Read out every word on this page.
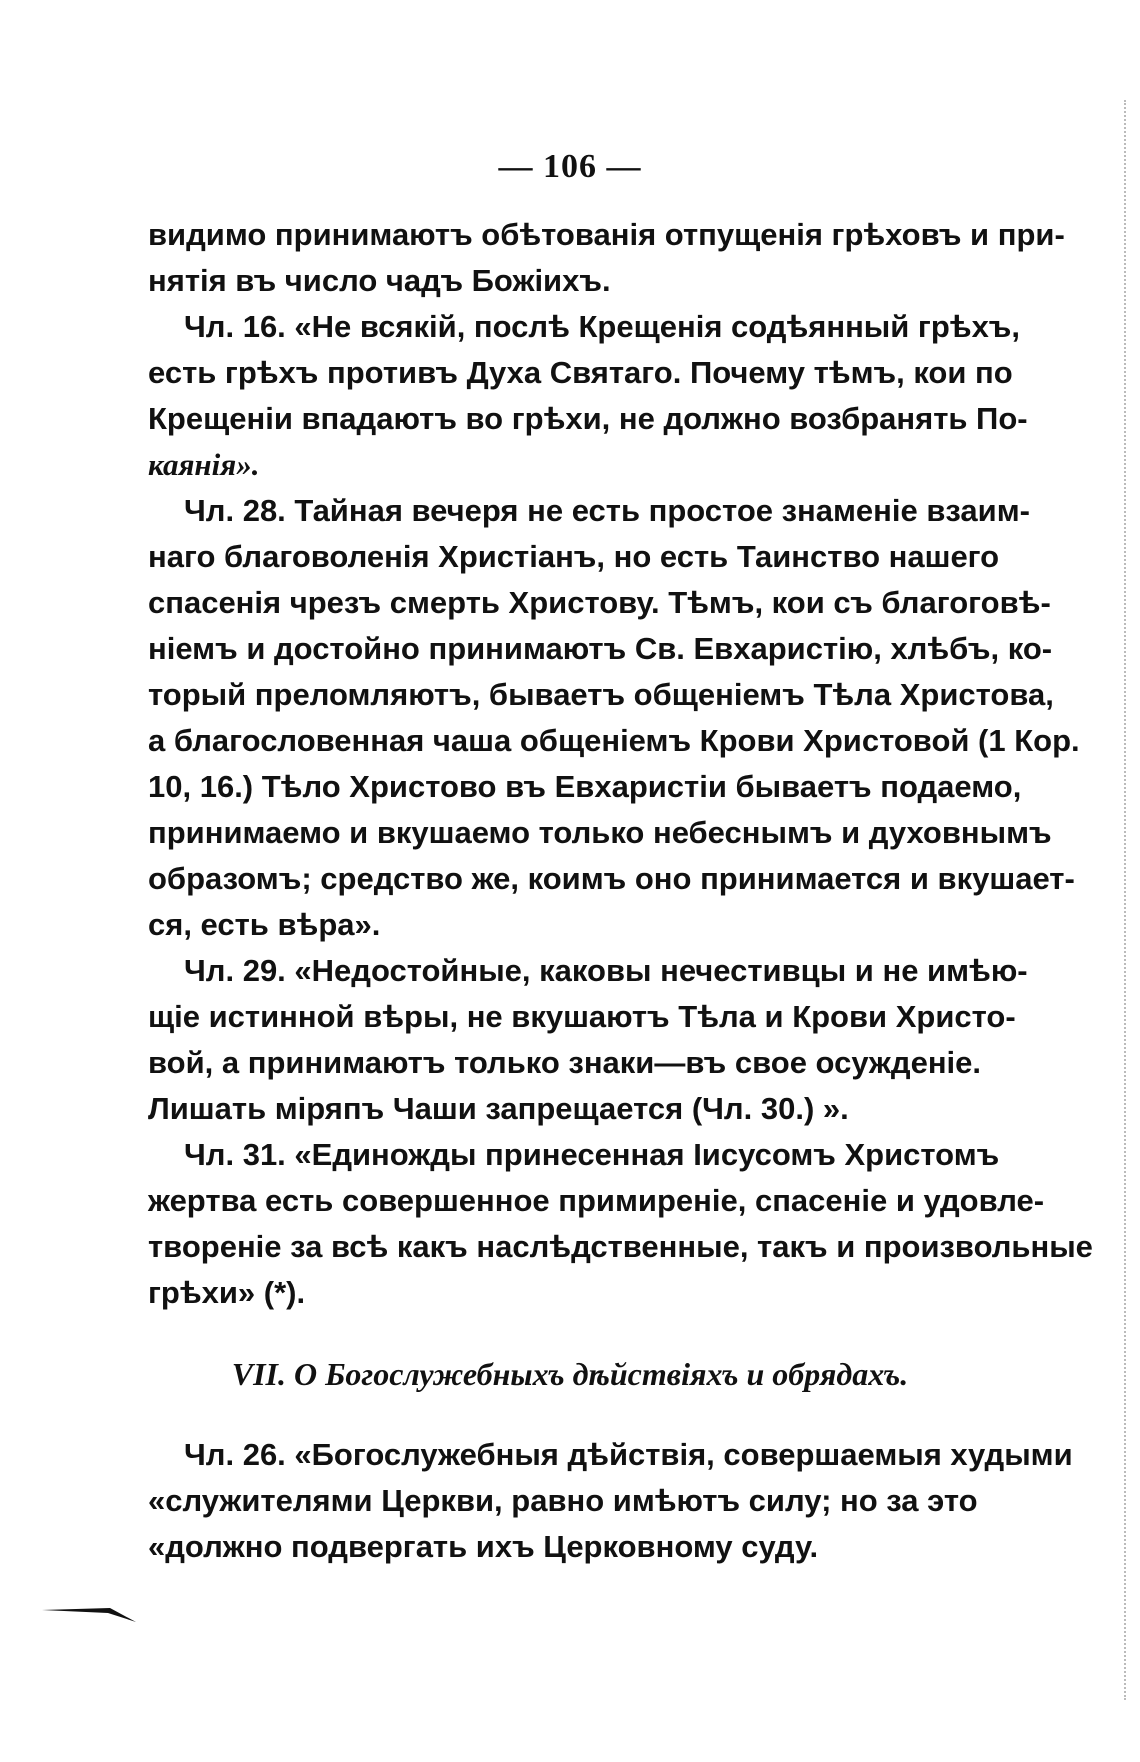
— 106 —
видимо принимаютъ обѣтованія отпущенія грѣховъ и при-
нятія въ число чадъ Божіихъ.
Чл. 16. «Не всякій, послѣ Крещенія содѣянный грѣхъ,
есть грѣхъ противъ Духа Святаго. Почему тѣмъ, кои по
Крещеніи впадаютъ во грѣхи, не должно возбранять По-
каянія».
Чл. 28. Тайная вечеря не есть простое знаменіе взаим-
наго благоволенія Христіанъ, но есть Таинство нашего
спасенія чрезъ смерть Христову. Тѣмъ, кои съ благоговѣ-
ніемъ и достойно принимаютъ Св. Евхаристію, хлѣбъ, ко-
торый преломляютъ, бываетъ общеніемъ Тѣла Христова,
а благословенная чаша общеніемъ Крови Христовой (1 Кор.
10, 16.) Тѣло Христово въ Евхаристіи бываетъ подаемо,
принимаемо и вкушаемо только небеснымъ и духовнымъ
образомъ; средство же, коимъ оно принимается и вкушает-
ся, есть вѣра».
Чл. 29. «Недостойные, каковы нечестивцы и не имѣю-
щіе истинной вѣры, не вкушаютъ Тѣла и Крови Христо-
вой, а принимаютъ только знаки—въ свое осужденіе.
Лишать міряпъ Чаши запрещается (Чл. 30.) ».
Чл. 31. «Единожды принесенная Іисусомъ Христомъ
жертва есть совершенное примиреніе, спасеніе и удовле-
твореніе за всѣ какъ наслѣдственные, такъ и произвольные
грѣхи» (*).
VII. О Богослужебныхъ дѣйствіяхъ и обрядахъ.
Чл. 26. «Богослужебныя дѣйствія, совершаемыя худыми
«служителями Церкви, равно имѣютъ силу; но за это
«должно подвергать ихъ Церковному суду.
